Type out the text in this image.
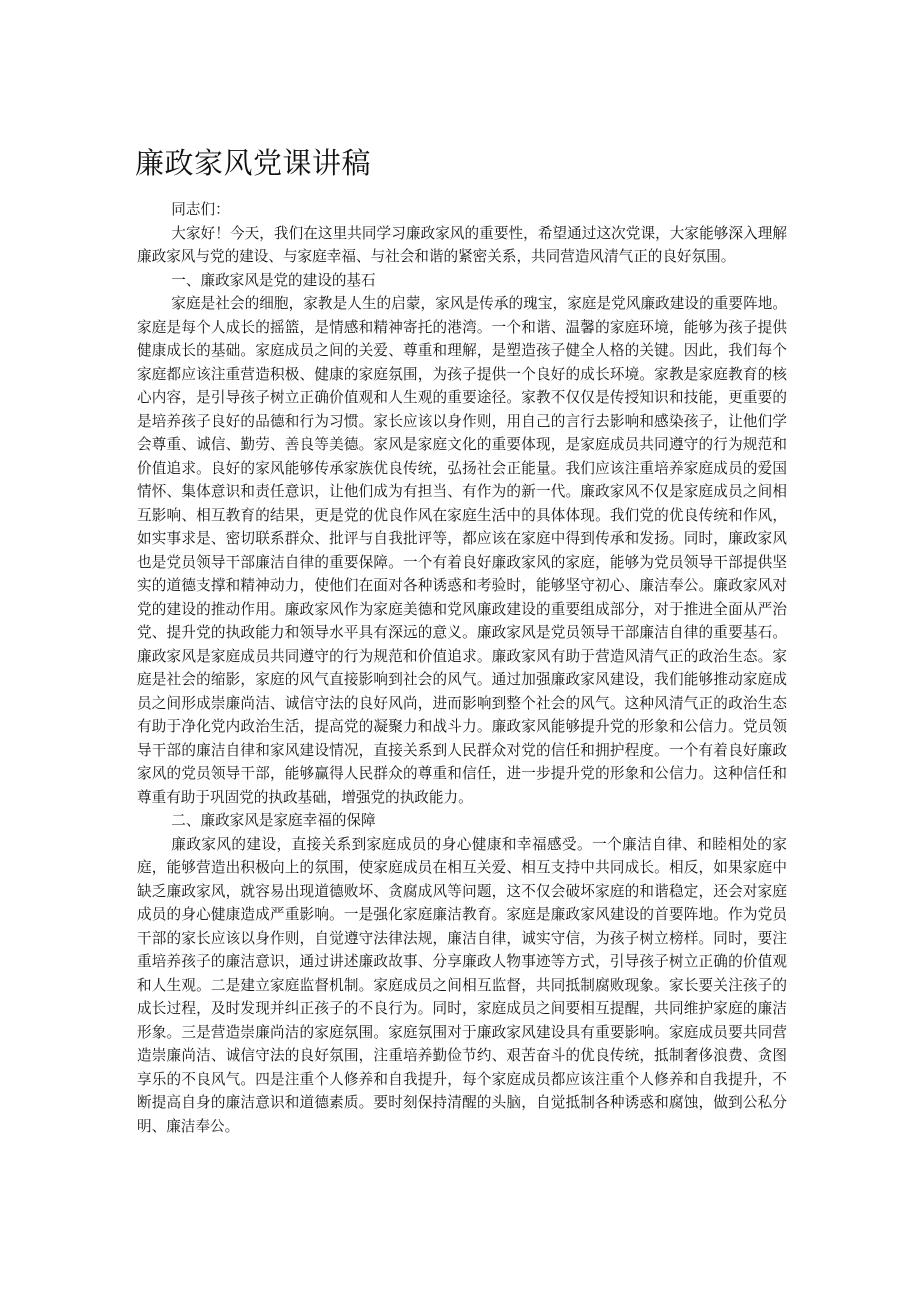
廉政家风党课讲稿

同志们：

大家好！今天，我们在这里共同学习廉政家风的重要性，希望通过这次党课，大家能够深入理解廉政家风与党的建设、与家庭幸福、与社会和谐的紧密关系，共同营造风清气正的良好氛围。

一、廉政家风是党的建设的基石

家庭是社会的细胞，家教是人生的启蒙，家风是传承的瑰宝，家庭是党风廉政建设的重要阵地。家庭是每个人成长的摇篮，是情感和精神寄托的港湾。一个和谐、温馨的家庭环境，能够为孩子提供健康成长的基础。家庭成员之间的关爱、尊重和理解，是塑造孩子健全人格的关键。因此，我们每个家庭都应该注重营造积极、健康的家庭氛围，为孩子提供一个良好的成长环境。家教是家庭教育的核心内容，是引导孩子树立正确价值观和人生观的重要途径。家教不仅仅是传授知识和技能，更重要的是培养孩子良好的品德和行为习惯。家长应该以身作则，用自己的言行去影响和感染孩子，让他们学会尊重、诚信、勤劳、善良等美德。家风是家庭文化的重要体现，是家庭成员共同遵守的行为规范和价值追求。良好的家风能够传承家族优良传统，弘扬社会正能量。我们应该注重培养家庭成员的爱国情怀、集体意识和责任意识，让他们成为有担当、有作为的新一代。廉政家风不仅是家庭成员之间相互影响、相互教育的结果，更是党的优良作风在家庭生活中的具体体现。我们党的优良传统和作风，如实事求是、密切联系群众、批评与自我批评等，都应该在家庭中得到传承和发扬。同时，廉政家风也是党员领导干部廉洁自律的重要保障。一个有着良好廉政家风的家庭，能够为党员领导干部提供坚实的道德支撑和精神动力，使他们在面对各种诱惑和考验时，能够坚守初心、廉洁奉公。廉政家风对党的建设的推动作用。廉政家风作为家庭美德和党风廉政建设的重要组成部分，对于推进全面从严治党、提升党的执政能力和领导水平具有深远的意义。廉政家风是党员领导干部廉洁自律的重要基石。廉政家风是家庭成员共同遵守的行为规范和价值追求。廉政家风有助于营造风清气正的政治生态。家庭是社会的缩影，家庭的风气直接影响到社会的风气。通过加强廉政家风建设，我们能够推动家庭成员之间形成崇廉尚洁、诚信守法的良好风尚，进而影响到整个社会的风气。这种风清气正的政治生态有助于净化党内政治生活，提高党的凝聚力和战斗力。廉政家风能够提升党的形象和公信力。党员领导干部的廉洁自律和家风建设情况，直接关系到人民群众对党的信任和拥护程度。一个有着良好廉政家风的党员领导干部，能够赢得人民群众的尊重和信任，进一步提升党的形象和公信力。这种信任和尊重有助于巩固党的执政基础，增强党的执政能力。

二、廉政家风是家庭幸福的保障

廉政家风的建设，直接关系到家庭成员的身心健康和幸福感受。一个廉洁自律、和睦相处的家庭，能够营造出积极向上的氛围，使家庭成员在相互关爱、相互支持中共同成长。相反，如果家庭中缺乏廉政家风，就容易出现道德败坏、贪腐成风等问题，这不仅会破坏家庭的和谐稳定，还会对家庭成员的身心健康造成严重影响。一是强化家庭廉洁教育。家庭是廉政家风建设的首要阵地。作为党员干部的家长应该以身作则，自觉遵守法律法规，廉洁自律，诚实守信，为孩子树立榜样。同时，要注重培养孩子的廉洁意识，通过讲述廉政故事、分享廉政人物事迹等方式，引导孩子树立正确的价值观和人生观。二是建立家庭监督机制。家庭成员之间相互监督，共同抵制腐败现象。家长要关注孩子的成长过程，及时发现并纠正孩子的不良行为。同时，家庭成员之间要相互提醒，共同维护家庭的廉洁形象。三是营造崇廉尚洁的家庭氛围。家庭氛围对于廉政家风建设具有重要影响。家庭成员要共同营造崇廉尚洁、诚信守法的良好氛围，注重培养勤俭节约、艰苦奋斗的优良传统，抵制奢侈浪费、贪图享乐的不良风气。四是注重个人修养和自我提升，每个家庭成员都应该注重个人修养和自我提升，不断提高自身的廉洁意识和道德素质。要时刻保持清醒的头脑，自觉抵制各种诱惑和腐蚀，做到公私分明、廉洁奉公。
